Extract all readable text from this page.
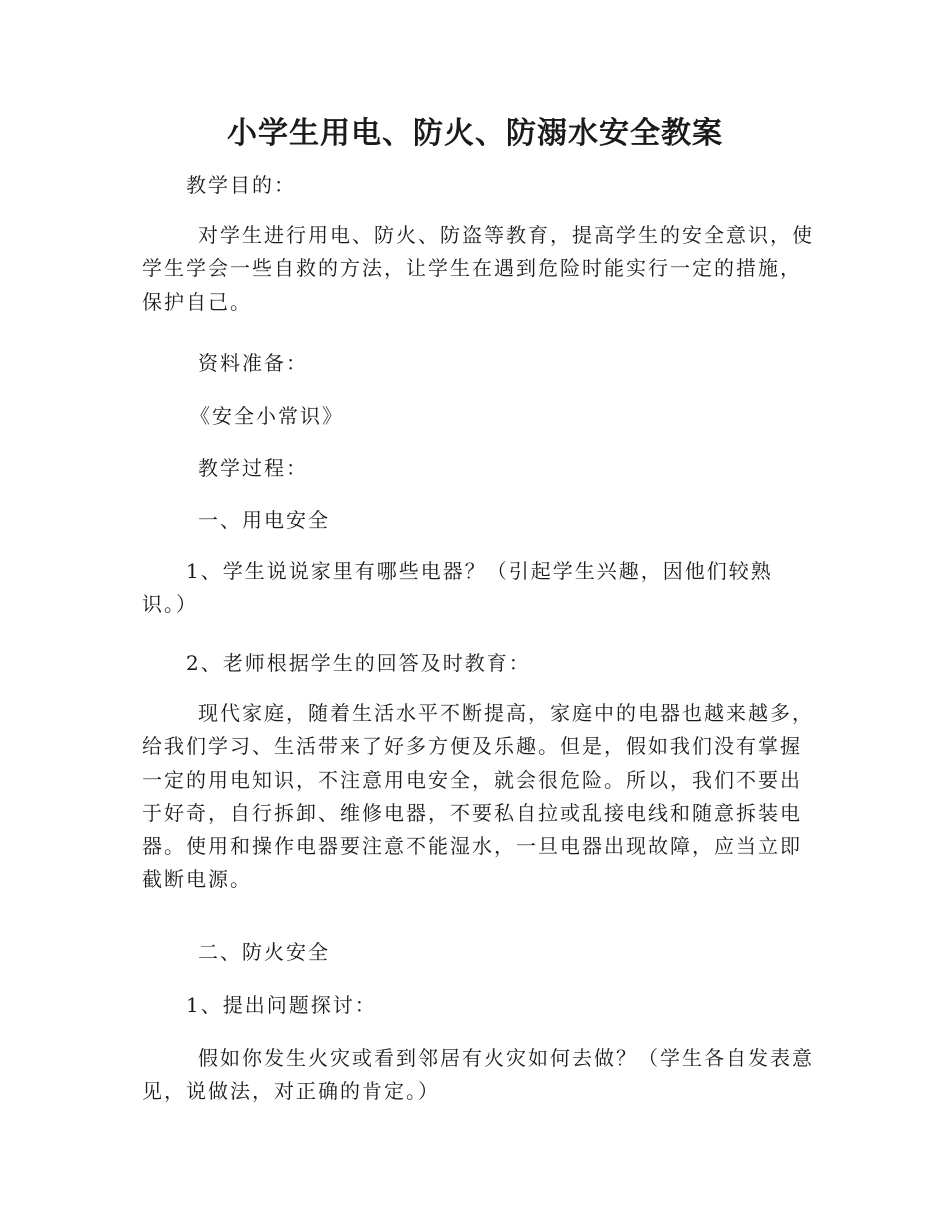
小学生用电、防火、防溺水安全教案
教学目的：
对学生进行用电、防火、防盗等教育，提高学生的安全意识，使学生学会一些自救的方法，让学生在遇到危险时能实行一定的措施，保护自己。
资料准备：
《安全小常识》
教学过程：
一、用电安全
1、学生说说家里有哪些电器？（引起学生兴趣，因他们较熟识。）
2、老师根据学生的回答及时教育：
现代家庭，随着生活水平不断提高，家庭中的电器也越来越多，给我们学习、生活带来了好多方便及乐趣。但是，假如我们没有掌握一定的用电知识，不注意用电安全，就会很危险。所以，我们不要出于好奇，自行拆卸、维修电器，不要私自拉或乱接电线和随意拆装电器。使用和操作电器要注意不能湿水，一旦电器出现故障，应当立即截断电源。
二、防火安全
1、提出问题探讨：
假如你发生火灾或看到邻居有火灾如何去做？（学生各自发表意见，说做法，对正确的肯定。）
